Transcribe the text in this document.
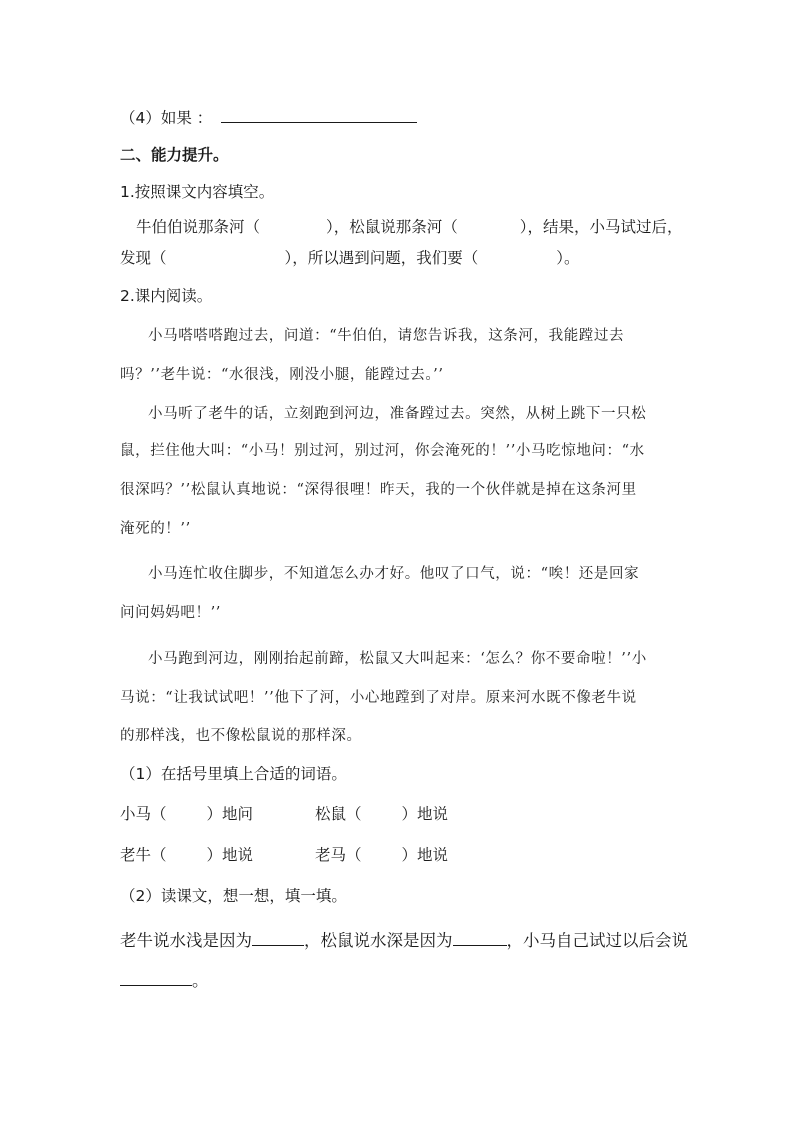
（4）如果 ：
二、能力提升。
1.按照课文内容填空。
牛伯伯说那条河（	），松鼠说那条河（	），结果，小马试过后，
发现（	），所以遇到问题，我们要（	）。
2.课内阅读。
小马嗒嗒嗒跑过去，问道：“牛伯伯，请您告诉我，这条河，我能蹚过去
吗？’’老牛说：“水很浅，刚没小腿，能蹚过去。’’
小马听了老牛的话，立刻跑到河边，准备蹚过去。突然，从树上跳下一只松
鼠，拦住他大叫：“小马！别过河，别过河，你会淹死的！’’小马吃惊地问：“水
很深吗？’’松鼠认真地说：“深得很哩！昨天，我的一个伙伴就是掉在这条河里
淹死的！’’
小马连忙收住脚步，不知道怎么办才好。他叹了口气，说：“唉！还是回家
问问妈妈吧！’’
小马跑到河边，刚刚抬起前蹄，松鼠又大叫起来：‘怎么？你不要命啦！’’小
马说：“让我试试吧！’’他下了河，小心地蹚到了对岸。原来河水既不像老牛说
的那样浅，也不像松鼠说的那样深。
（1）在括号里填上合适的词语。
小马（	）地问	松鼠（	）地说
老牛（	）地说	老马（	）地说
（2）读课文，想一想，填一填。
老牛说水浅是因为	，松鼠说水深是因为	，小马自己试过以后会说
。
